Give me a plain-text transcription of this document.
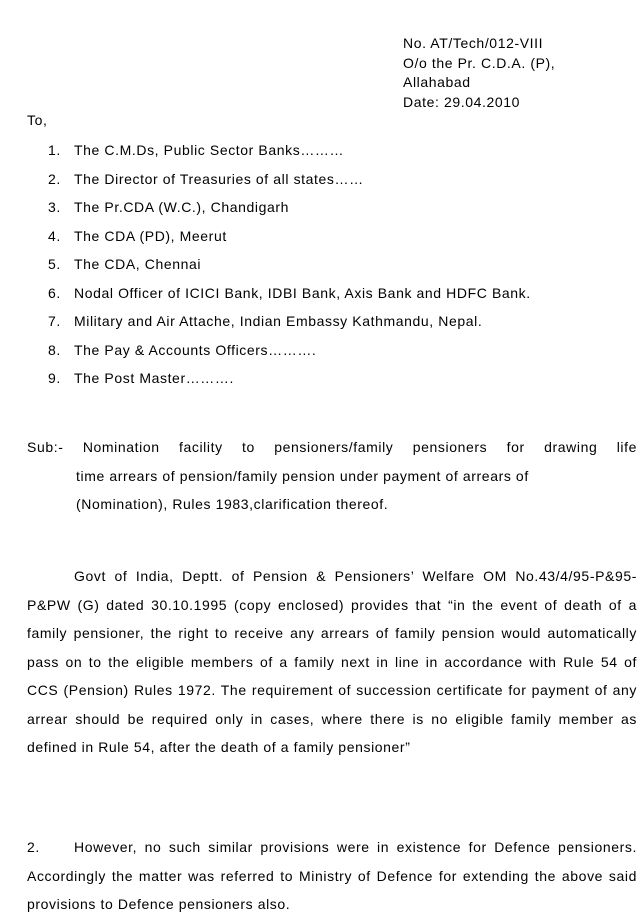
No. AT/Tech/012-VIII
O/o the Pr. C.D.A. (P),
Allahabad
Date: 29.04.2010
To,
1. The C.M.Ds, Public Sector Banks………
2. The Director of Treasuries of all states……
3. The Pr.CDA (W.C.), Chandigarh
4. The CDA (PD), Meerut
5. The CDA, Chennai
6. Nodal Officer of ICICI Bank, IDBI Bank, Axis Bank and HDFC Bank.
7. Military and Air Attache, Indian Embassy Kathmandu, Nepal.
8. The Pay & Accounts Officers……….
9. The Post Master……….
Sub:- Nomination facility to pensioners/family pensioners for drawing life
time arrears of pension/family pension under payment of arrears of
(Nomination), Rules 1983,clarification thereof.
Govt of India, Deptt. of Pension & Pensioners’ Welfare OM No.43/4/95-P&95-P&PW (G) dated 30.10.1995 (copy enclosed) provides that “in the event of death of a family pensioner, the right to receive any arrears of family pension would automatically pass on to the eligible members of a family next in line in accordance with Rule 54 of CCS (Pension) Rules 1972. The requirement of succession certificate for payment of any arrear should be required only in cases, where there is no eligible family member as defined in Rule 54, after the death of a family pensioner”
2. However, no such similar provisions were in existence for Defence pensioners. Accordingly the matter was referred to Ministry of Defence for extending the above said provisions to Defence pensioners also.
